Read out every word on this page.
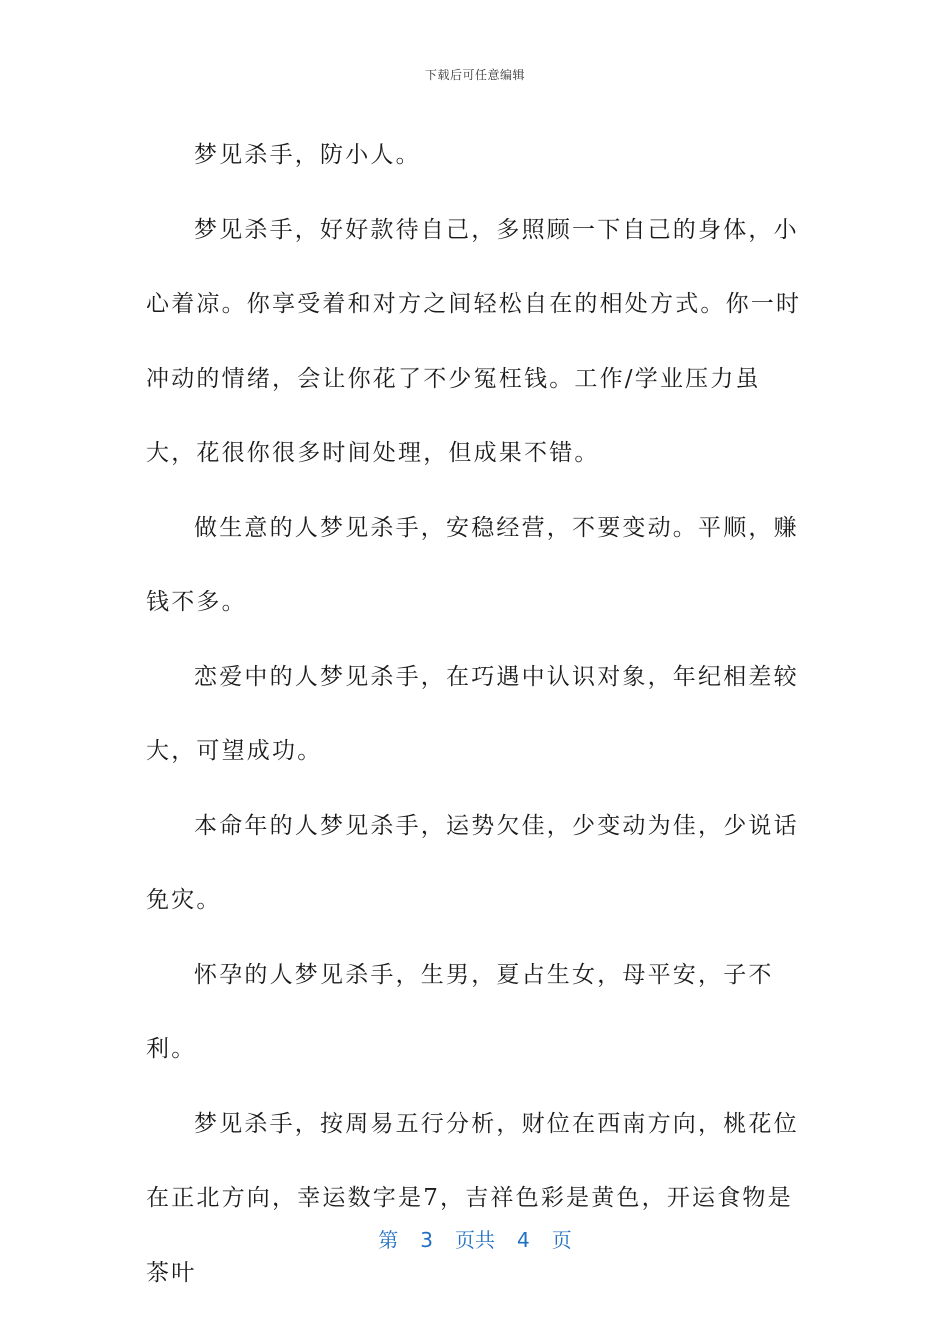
下载后可任意编辑

梦见杀手，防小人。

梦见杀手，好好款待自己，多照顾一下自己的身体，小心着凉。你享受着和对方之间轻松自在的相处方式。你一时冲动的情绪，会让你花了不少冤枉钱。工作/学业压力虽大，花很你很多时间处理，但成果不错。

做生意的人梦见杀手，安稳经营，不要变动。平顺，赚钱不多。

恋爱中的人梦见杀手，在巧遇中认识对象，年纪相差较大，可望成功。

本命年的人梦见杀手，运势欠佳，少变动为佳，少说话免灾。

怀孕的人梦见杀手，生男，夏占生女，母平安，子不利。

梦见杀手，按周易五行分析，财位在西南方向，桃花位在正北方向，幸运数字是7，吉祥色彩是黄色，开运食物是茶叶

第 3 页共 4 页
